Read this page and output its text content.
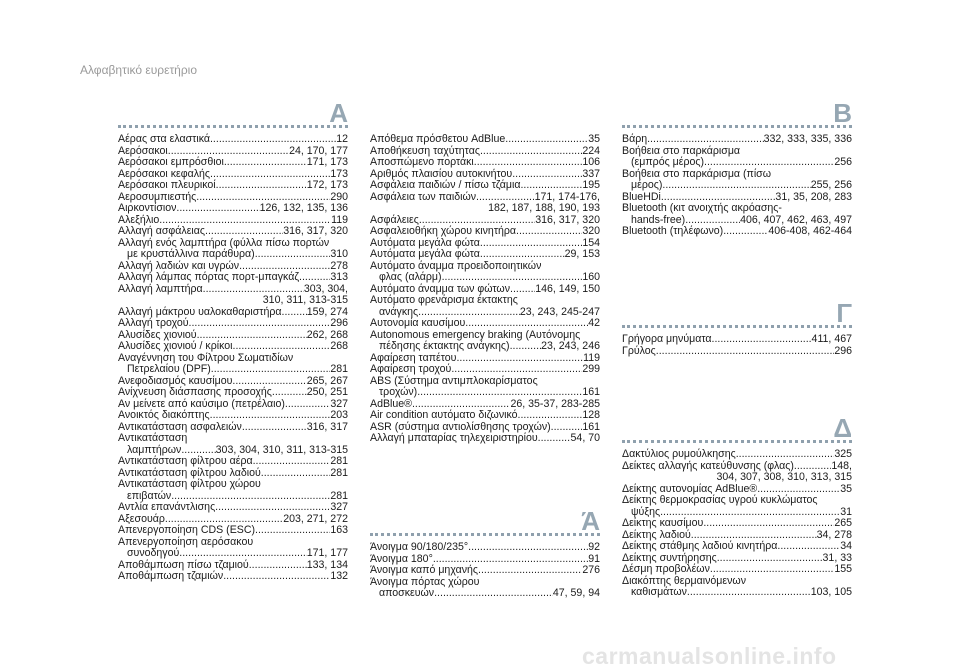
Αλφαβητικό ευρετήριο
A
Αέρας στα ελαστικά .....	12
Αερόσακοι .....	24, 170, 177
Αερόσακοι εμπρόσθιοι .....	171, 173
Αερόσακοι κεφαλής .....	173
Αερόσακοι πλευρικοί .....	172, 173
Αεροσυμπιεστής .....	290
Αιρκοντίσιον .....	126, 132, 135, 136
Αλεξήλιο .....	119
Αλλαγή ασφάλειας .....	316, 317, 320
Αλλαγή ενός λαμπτήρα (φύλλα πίσω πορτών
με κρυστάλλινα παράθυρα) .....	310
Αλλαγή λαδιών και υγρών .....	278
Αλλαγή λάμπας πόρτας πορτ-μπαγκάζ .....	313
Αλλαγή λαμπτήρα .....	303, 304,
310, 311, 313-315
Αλλαγή μάκτρου υαλοκαθαριστήρα ..... 159, 274
Αλλαγή τροχού .....	296
Αλυσίδες χιονιού .....	262, 268
Αλυσίδες χιονιού / κρίκοι .....	268
Αναγέννηση του Φίλτρου Σωματιδίων
Πετρελαίου (DPF) .....	281
Ανεφοδιασμός καυσίμου .....	265, 267
Ανίχνευση διάσπασης προσοχής .....	250, 251
Αν μείνετε από καύσιμο (πετρέλαιο) .....	327
Ανοικτός διακόπτης .....	203
Αντικατάσταση ασφαλειών .....	316, 317
Αντικατάσταση
λαμπτήρων .....	303, 304, 310, 311, 313-315
Αντικατάσταση φίλτρου αέρα .....	281
Αντικατάσταση φίλτρου λαδιού .....	281
Αντικατάσταση φίλτρου χώρου
επιβατών .....	281
Αντλία επανάντλισης .....	327
Αξεσουάρ .....	203, 271, 272
Απενεργοποίηση CDS (ESC) .....	163
Απενεργοποίηση αερόσακου
συνοδηγού .....	171, 177
Αποθάμπωση πίσω τζαμιού .....	133, 134
Αποθάμπωση τζαμιών .....	132
Απόθεμα πρόσθετου AdBlue .....	35
Αποθήκευση ταχύτητας .....	224
Αποσπώμενο πορτάκι .....	106
Αριθμός πλαισίου αυτοκινήτου .....	337
Ασφάλεια παιδιών / πίσω τζάμια .....	195
Ασφάλεια των παιδιών .....	171, 174-176,
182, 187, 188, 190, 193
Ασφάλειες .....	316, 317, 320
Ασφαλειοθήκη χώρου κινητήρα .....	320
Αυτόματα μεγάλα φώτα .....	154
Αυτόματα μεγάλα φώτα .....	29, 153
Αυτόματο άναμμα προειδοποιητικών
φλας (αλάρμ) .....	160
Αυτόματο άναμμα των φώτων ..... 146, 149, 150
Αυτόματο φρενάρισμα έκτακτης
ανάγκης .....	23, 243, 245-247
Αυτονομία καυσίμου .....	42
Autonomous emergency braking (Αυτόνομης
πέδησης έκτακτης ανάγκης) .....	23, 243, 246
Αφαίρεση ταπέτου .....	119
Αφαίρεση τροχού .....	299
ABS (Σύστημα αντιμπλοκαρίσματος
τροχών) .....	161
AdBlue® .....	26, 35-37, 283-285
Air condition αυτόματο διζωνικό .....	128
ASR (σύστημα αντιολίσθησης τροχών) .....	161
Αλλαγή μπαταρίας τηλεχειριστηρίου .....	54, 70
Ά
Άνοιγμα 90/180/235° .....	92
Άνοιγμα 180° .....	91
Άνοιγμα καπό μηχανής .....	276
Άνοιγμα πόρτας χώρου
αποσκευών .....	47, 59, 94
B
Βάρη .....	332, 333, 335, 336
Βοήθεια στο παρκάρισμα
(εμπρός μέρος) .....	256
Βοήθεια στο παρκάρισμα (πίσω
μέρος) .....	255, 256
BlueHDi .....	31, 35, 208, 283
Bluetooth (κιτ ανοιχτής ακρόασης-
hands-free) .....	406, 407, 462, 463, 497
Bluetooth (τηλέφωνο) .....	406-408, 462-464
Γ
Γρήγορα μηνύματα .....	411, 467
Γρύλος .....	296
Δ
Δακτύλιος ρυμούλκησης .....	325
Δείκτες αλλαγής κατεύθυνσης (φλας) .....	148,
304, 307, 308, 310, 313, 315
Δείκτης αυτονομίας AdBlue® .....	35
Δείκτης θερμοκρασίας υγρού κυκλώματος
ψύξης .....	31
Δείκτης καυσίμου .....	265
Δείκτης λαδιού .....	34, 278
Δείκτης στάθμης λαδιού κινητήρα .....	34
Δείκτης συντήρησης .....	31, 33
Δέσμη προβολέων .....	155
Διακόπτης θερμαινόμενων
καθισμάτων .....	103, 105
carmanualsonline.info
